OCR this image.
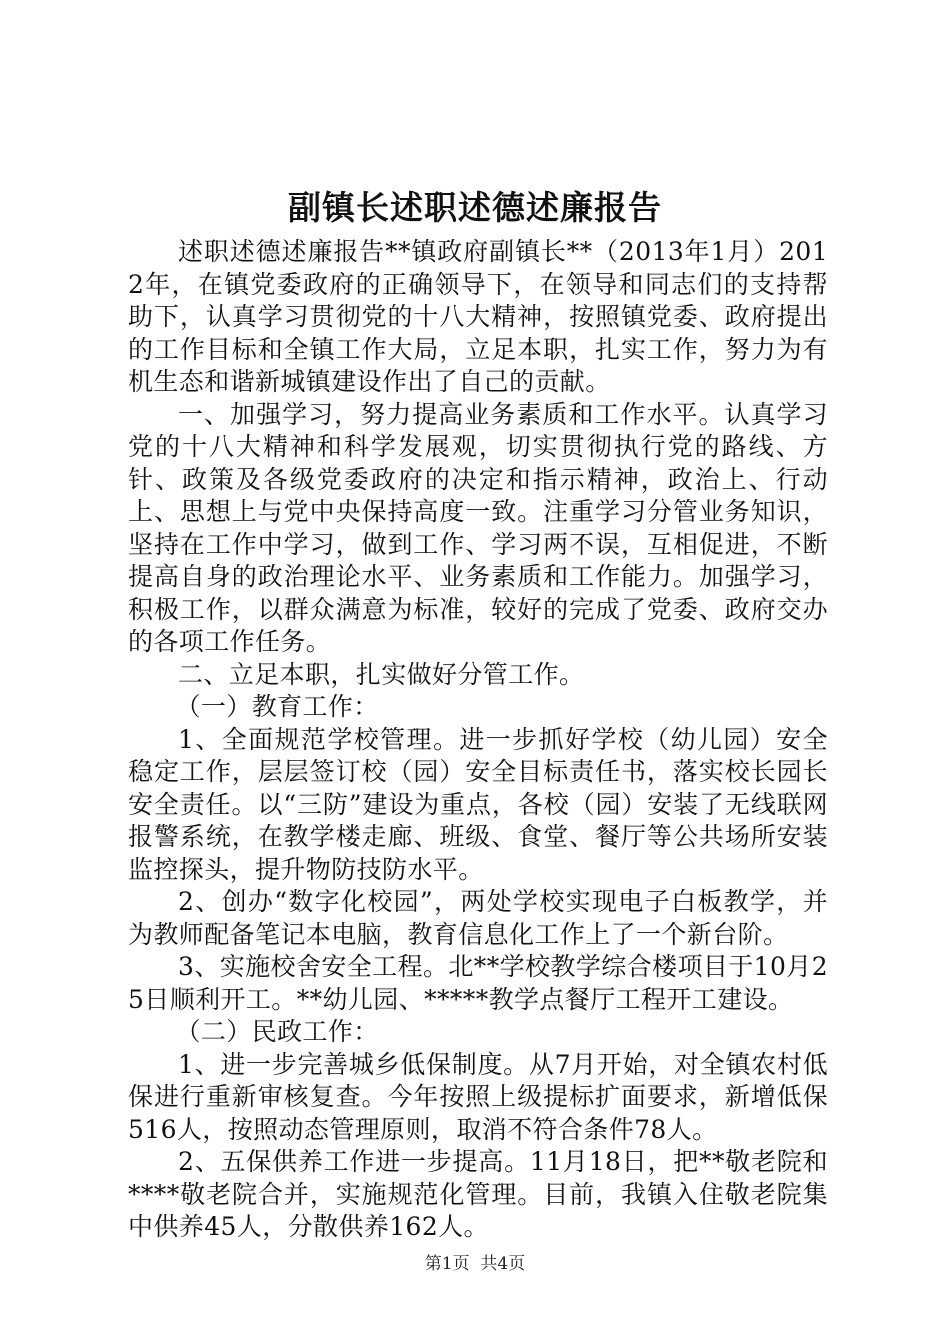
副镇长述职述德述廉报告

述职述德述廉报告**镇政府副镇长**（2013年1月）2012年，在镇党委政府的正确领导下，在领导和同志们的支持帮助下，认真学习贯彻党的十八大精神，按照镇党委、政府提出的工作目标和全镇工作大局，立足本职，扎实工作，努力为有机生态和谐新城镇建设作出了自己的贡献。

一、加强学习，努力提高业务素质和工作水平。认真学习党的十八大精神和科学发展观，切实贯彻执行党的路线、方针、政策及各级党委政府的决定和指示精神，政治上、行动上、思想上与党中央保持高度一致。注重学习分管业务知识，坚持在工作中学习，做到工作、学习两不误，互相促进，不断提高自身的政治理论水平、业务素质和工作能力。加强学习，积极工作，以群众满意为标准，较好的完成了党委、政府交办的各项工作任务。

二、立足本职，扎实做好分管工作。

（一）教育工作：

1、全面规范学校管理。进一步抓好学校（幼儿园）安全稳定工作，层层签订校（园）安全目标责任书，落实校长园长安全责任。以“三防”建设为重点，各校（园）安装了无线联网报警系统，在教学楼走廊、班级、食堂、餐厅等公共场所安装监控探头，提升物防技防水平。

2、创办“数字化校园”，两处学校实现电子白板教学，并为教师配备笔记本电脑，教育信息化工作上了一个新台阶。

3、实施校舍安全工程。北**学校教学综合楼项目于10月25日顺利开工。**幼儿园、*****教学点餐厅工程开工建设。

（二）民政工作：

1、进一步完善城乡低保制度。从7月开始，对全镇农村低保进行重新审核复查。今年按照上级提标扩面要求，新增低保516人，按照动态管理原则，取消不符合条件78人。

2、五保供养工作进一步提高。11月18日，把**敬老院和****敬老院合并，实施规范化管理。目前，我镇入住敬老院集中供养45人，分散供养162人。

第1页 共4页
